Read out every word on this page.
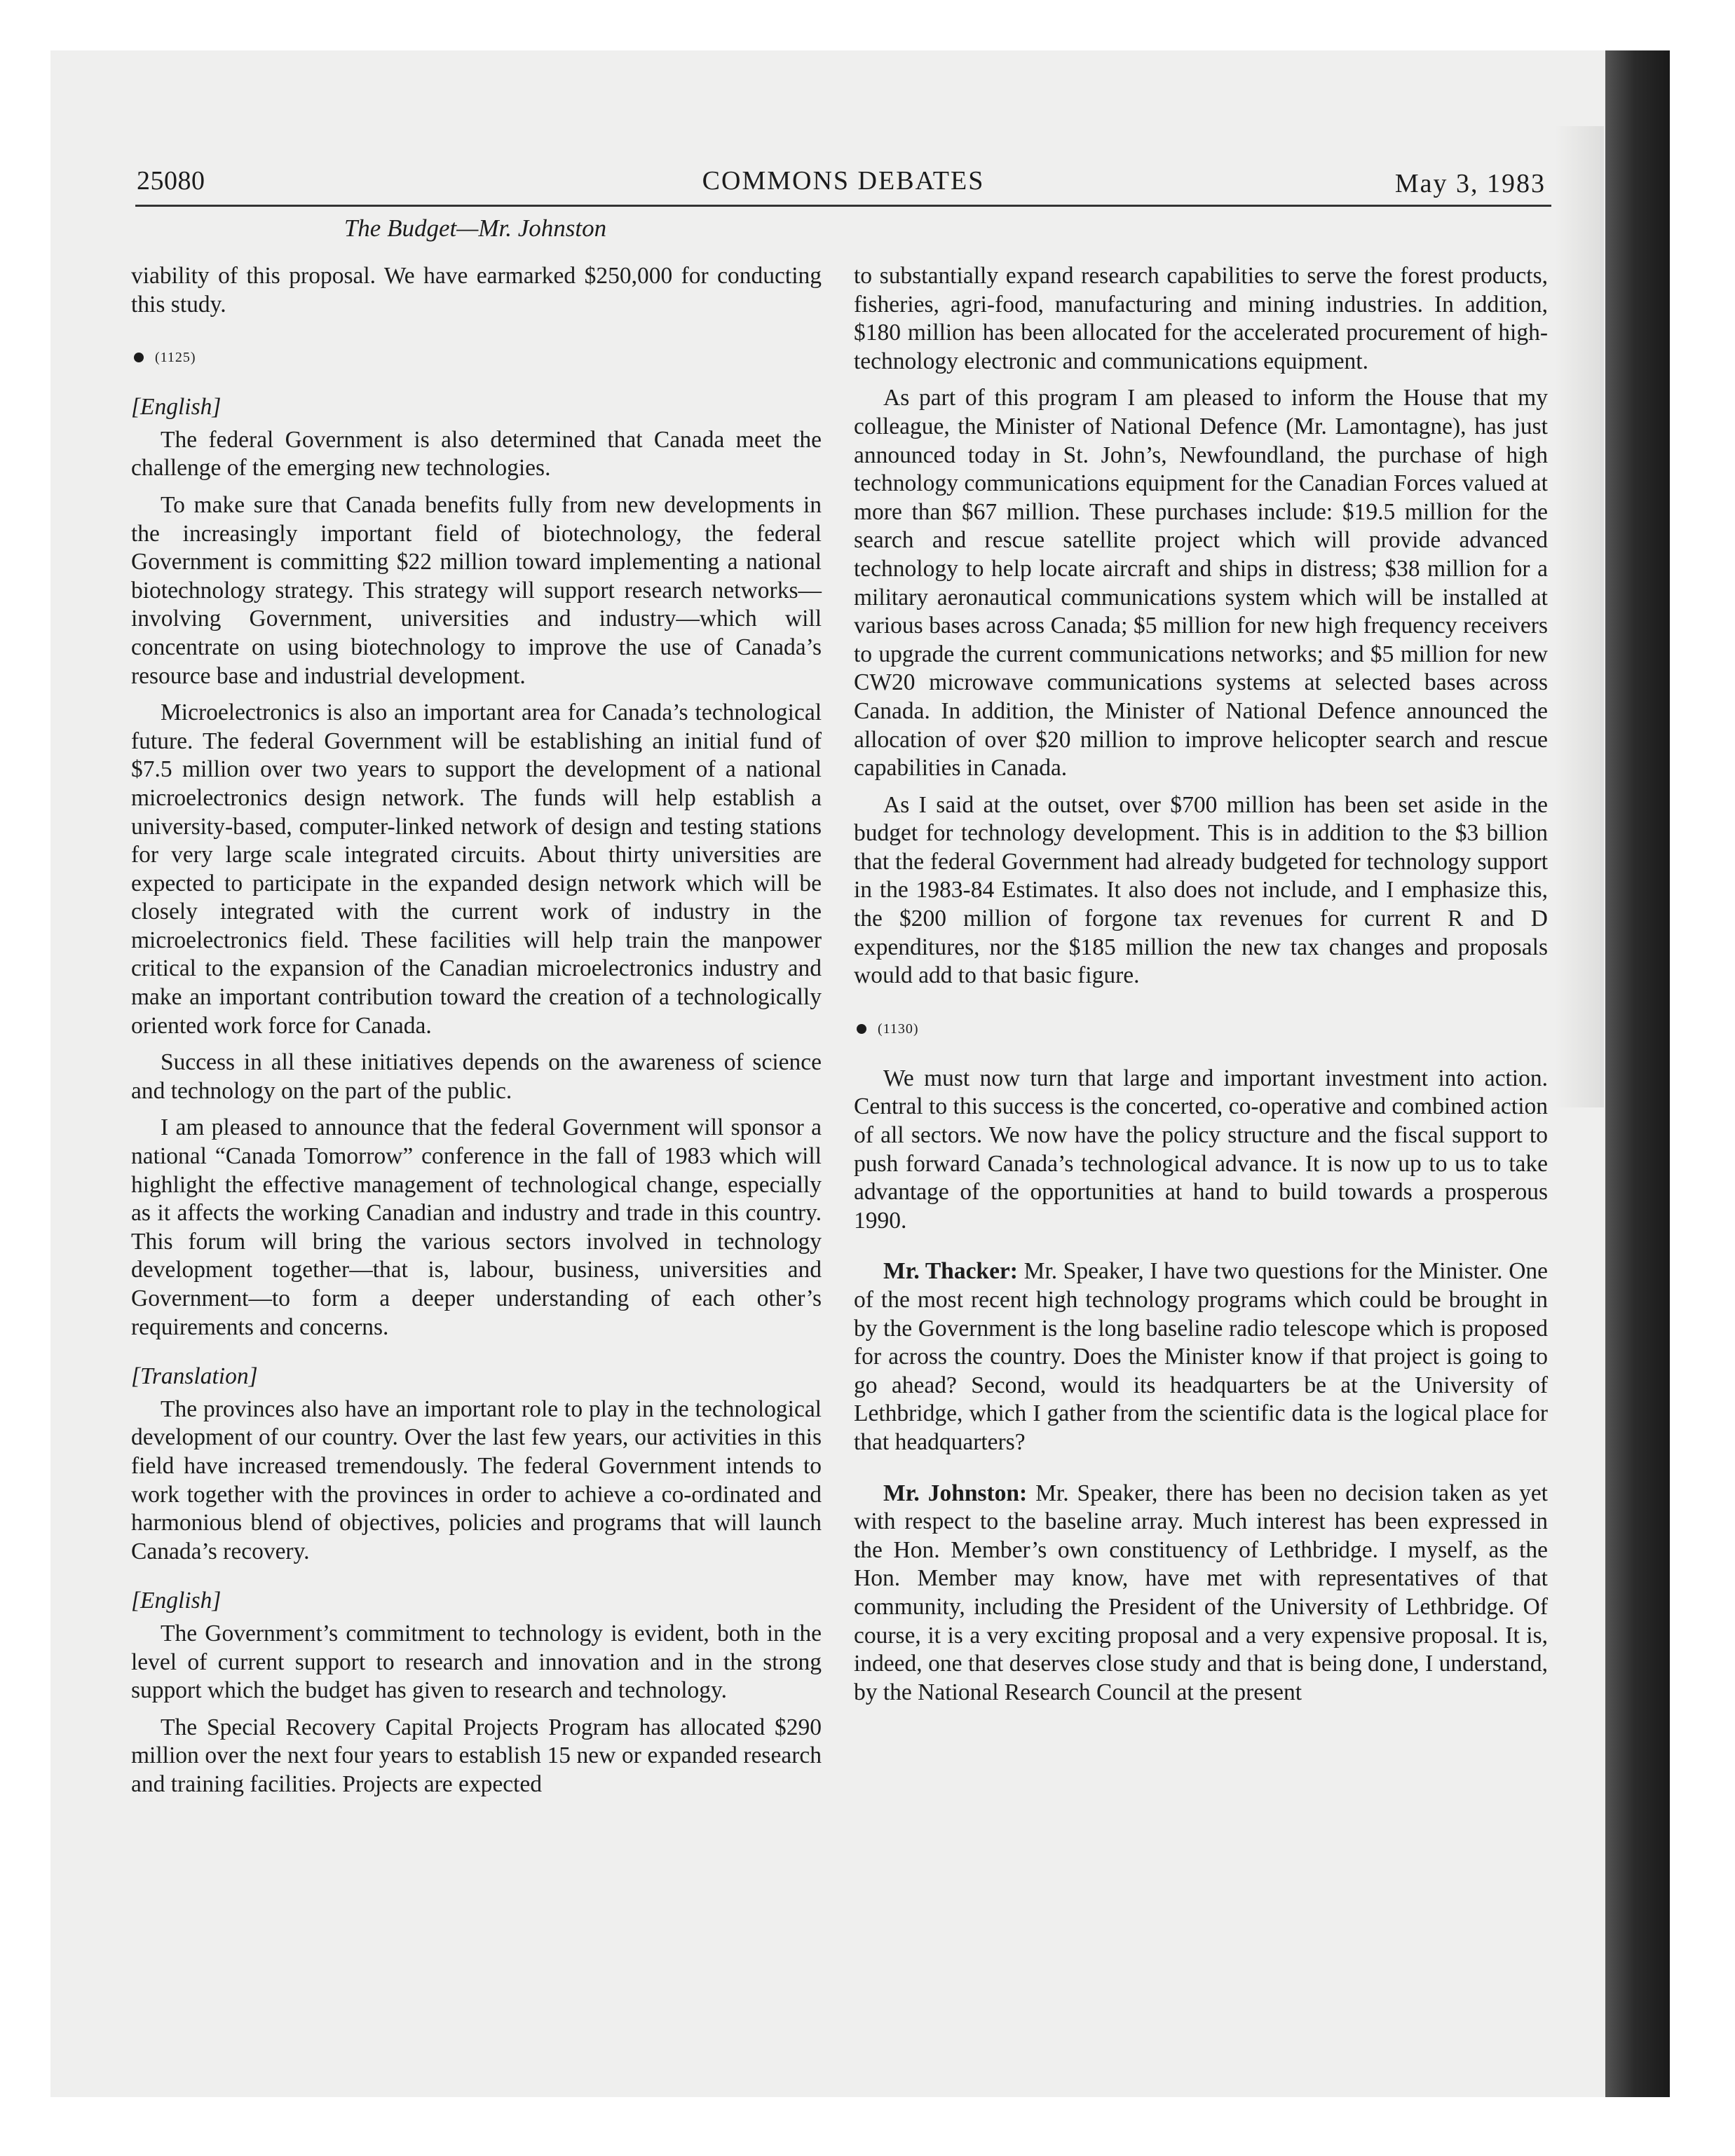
25080	COMMONS DEBATES	May 3, 1983
The Budget—Mr. Johnston

viability of this proposal. We have earmarked $250,000 for conducting this study.

(1125)
[English]

The federal Government is also determined that Canada meet the challenge of the emerging new technologies.

To make sure that Canada benefits fully from new developments in the increasingly important field of biotechnology, the federal Government is committing $22 million toward implementing a national biotechnology strategy. This strategy will support research networks—involving Government, universities and industry—which will concentrate on using biotechnology to improve the use of Canada’s resource base and industrial development.

Microelectronics is also an important area for Canada’s technological future. The federal Government will be establishing an initial fund of $7.5 million over two years to support the development of a national microelectronics design network. The funds will help establish a university-based, computer-linked network of design and testing stations for very large scale integrated circuits. About thirty universities are expected to participate in the expanded design network which will be closely integrated with the current work of industry in the microelectronics field. These facilities will help train the manpower critical to the expansion of the Canadian microelectronics industry and make an important contribution toward the creation of a technologically oriented work force for Canada.

Success in all these initiatives depends on the awareness of science and technology on the part of the public.

I am pleased to announce that the federal Government will sponsor a national “Canada Tomorrow” conference in the fall of 1983 which will highlight the effective management of technological change, especially as it affects the working Canadian and industry and trade in this country. This forum will bring the various sectors involved in technology development together—that is, labour, business, universities and Government—to form a deeper understanding of each other’s requirements and concerns.

[Translation]

The provinces also have an important role to play in the technological development of our country. Over the last few years, our activities in this field have increased tremendously. The federal Government intends to work together with the provinces in order to achieve a co-ordinated and harmonious blend of objectives, policies and programs that will launch Canada’s recovery.

[English]

The Government’s commitment to technology is evident, both in the level of current support to research and innovation and in the strong support which the budget has given to research and technology.

The Special Recovery Capital Projects Program has allocated $290 million over the next four years to establish 15 new or expanded research and training facilities. Projects are expected

to substantially expand research capabilities to serve the forest products, fisheries, agri-food, manufacturing and mining industries. In addition, $180 million has been allocated for the accelerated procurement of high-technology electronic and communications equipment.

As part of this program I am pleased to inform the House that my colleague, the Minister of National Defence (Mr. Lamontagne), has just announced today in St. John’s, Newfoundland, the purchase of high technology communications equipment for the Canadian Forces valued at more than $67 million. These purchases include: $19.5 million for the search and rescue satellite project which will provide advanced technology to help locate aircraft and ships in distress; $38 million for a military aeronautical communications system which will be installed at various bases across Canada; $5 million for new high frequency receivers to upgrade the current communications networks; and $5 million for new CW20 microwave communications systems at selected bases across Canada. In addition, the Minister of National Defence announced the allocation of over $20 million to improve helicopter search and rescue capabilities in Canada.

As I said at the outset, over $700 million has been set aside in the budget for technology development. This is in addition to the $3 billion that the federal Government had already budgeted for technology support in the 1983-84 Estimates. It also does not include, and I emphasize this, the $200 million of forgone tax revenues for current R and D expenditures, nor the $185 million the new tax changes and proposals would add to that basic figure.

(1130)

We must now turn that large and important investment into action. Central to this success is the concerted, co-operative and combined action of all sectors. We now have the policy structure and the fiscal support to push forward Canada’s technological advance. It is now up to us to take advantage of the opportunities at hand to build towards a prosperous 1990.

Mr. Thacker: Mr. Speaker, I have two questions for the Minister. One of the most recent high technology programs which could be brought in by the Government is the long baseline radio telescope which is proposed for across the country. Does the Minister know if that project is going to go ahead? Second, would its headquarters be at the University of Lethbridge, which I gather from the scientific data is the logical place for that headquarters?

Mr. Johnston: Mr. Speaker, there has been no decision taken as yet with respect to the baseline array. Much interest has been expressed in the Hon. Member’s own constituency of Lethbridge. I myself, as the Hon. Member may know, have met with representatives of that community, including the President of the University of Lethbridge. Of course, it is a very exciting proposal and a very expensive proposal. It is, indeed, one that deserves close study and that is being done, I understand, by the National Research Council at the present
